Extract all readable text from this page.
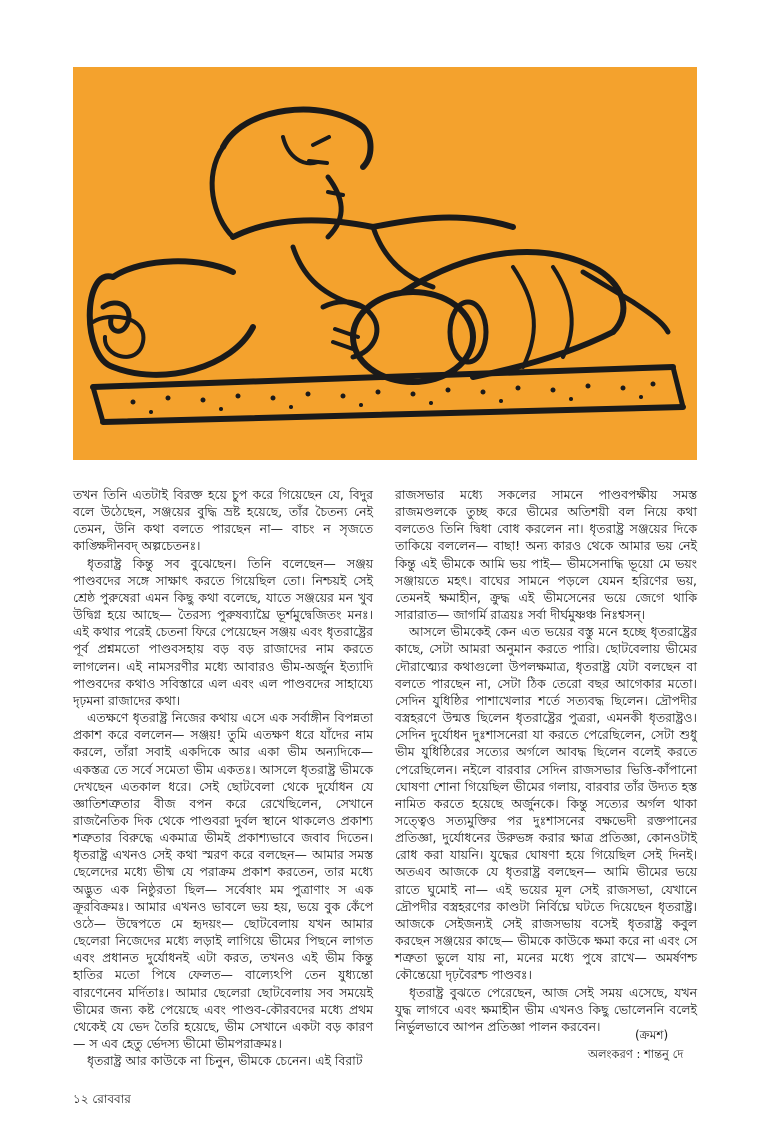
তখন তিনি এতটাই বিরক্ত হয়ে চুপ করে গিয়েছেন যে, বিদুর বলে উঠেছেন, সঞ্জয়ের বুদ্ধি ভ্রষ্ট হয়েছে, তাঁর চৈতন্য নেই তেমন, উনি কথা বলতে পারছেন না— বাচং ন সৃজতে কাঙ্ক্ষিদীনবদ্ অল্পচেতনঃ।

ধৃতরাষ্ট্র কিন্তু সব বুঝেছেন। তিনি বলেছেন— সঞ্জয় পাণ্ডবদের সঙ্গে সাক্ষাৎ করতে গিয়েছিল তো। নিশ্চয়ই সেই শ্রেষ্ঠ পুরুষেরা এমন কিছু কথা বলেছে, যাতে সঞ্জয়ের মন খুব উদ্বিগ্ন হয়ে আছে— তৈরস্য পুরুষব্যাঘ্রৈ ভূর্শমুদ্বেজিতং মনঃ। এই কথার পরেই চেতনা ফিরে পেয়েছেন সঞ্জয় এবং ধৃতরাষ্ট্রের পূর্ব প্রশ্নমতো পাণ্ডবসহায় বড় বড় রাজাদের নাম করতে লাগলেন। এই নামসরণীর মধ্যে আবারও ভীম-অর্জুন ইত্যাদি পাণ্ডবদের কথাও সবিস্তারে এল এবং এল পাণ্ডবদের সাহায্যে দৃঢ়মনা রাজাদের কথা।

এতক্ষণে ধৃতরাষ্ট্র নিজের কথায় এসে এক সর্বাঙ্গীন বিপন্নতা প্রকাশ করে বললেন— সঞ্জয়! তুমি এতক্ষণ ধরে যাঁদের নাম করলে, তাঁরা সবাই একদিকে আর একা ভীম অন্যদিকে— একস্তত্র তে সর্বে সমেতা ভীম একতঃ। আসলে ধৃতরাষ্ট্র ভীমকে দেখছেন এতকাল ধরে। সেই ছোটবেলা থেকে দুর্যোধন যে জ্ঞাতিশত্রুতার বীজ বপন করে রেখেছিলেন, সেখানে রাজনৈতিক দিক থেকে পাণ্ডবরা দুর্বল স্থানে থাকলেও প্রকাশ্য শত্রুতার বিরুদ্ধে একমাত্র ভীমই প্রকাশ্যভাবে জবাব দিতেন। ধৃতরাষ্ট্র এখনও সেই কথা স্মরণ করে বলছেন— আমার সমস্ত ছেলেদের মধ্যে ভীষ্ম যে পরাক্রম প্রকাশ করতেন, তার মধ্যে অদ্ভুত এক নিষ্ঠুরতা ছিল— সর্বেষাং মম পুত্রাণাং স এক ক্রূরবিক্রমঃ। আমার এখনও ভাবলে ভয় হয়, ভয়ে বুক কেঁপে ওঠে— উদ্বেপতে মে হৃদয়ং— ছোটবেলায় যখন আমার ছেলেরা নিজেদের মধ্যে লড়াই লাগিয়ে ভীমের পিছনে লাগত এবং প্রধানত দুর্যোধনই এটা করত, তখনও এই ভীম কিন্তু হাতির মতো পিষে ফেলত— বাল্যেঽপি তেন যুধ্যন্তো বারণেনেব মর্দিতাঃ। আমার ছেলেরা ছোটবেলায় সব সময়েই ভীমের জন্য কষ্ট পেয়েছে এবং পাণ্ডব-কৌরবদের মধ্যে প্রথম থেকেই যে ভেদ তৈরি হয়েছে, ভীম সেখানে একটা বড় কারণ— স এব হেতু র্ভেদস্য ভীমো ভীমপরাক্রমঃ।

ধৃতরাষ্ট্র আর কাউকে না চিনুন, ভীমকে চেনেন। এই বিরাট

রাজসভার মধ্যে সকলের সামনে পাণ্ডবপক্ষীয় সমস্ত রাজমণ্ডলকে তুচ্ছ করে ভীমের অতিশয়ী বল নিয়ে কথা বলতেও তিনি দ্বিধা বোধ করলেন না। ধৃতরাষ্ট্র সঞ্জয়ের দিকে তাকিয়ে বললেন— বাছা! অন্য কারও থেকে আমার ভয় নেই কিন্তু এই ভীমকে আমি ভয় পাই— ভীমসেনাদ্ধি ভূয়ো মে ভয়ং সঞ্জায়তে মহৎ। বাঘের সামনে পড়লে যেমন হরিণের ভয়, তেমনই ক্ষমাহীন, ক্রুদ্ধ এই ভীমসেনের ভয়ে জেগে থাকি সারারাত— জাগর্মি রাত্রয়ঃ সর্বা দীর্ঘমুষ্ণঞ্চ নিঃশ্বসন্।

আসলে ভীমকেই কেন এত ভয়ের বস্তু মনে হচ্ছে ধৃতরাষ্ট্রের কাছে, সেটা আমরা অনুমান করতে পারি। ছোটবেলায় ভীমের দৌরাত্ম্যের কথাগুলো উপলক্ষমাত্র, ধৃতরাষ্ট্র যেটা বলছেন বা বলতে পারছেন না, সেটা ঠিক তেরো বছর আগেকার মতো। সেদিন যুধিষ্ঠির পাশাখেলার শর্তে সত্যবদ্ধ ছিলেন। দ্রৌপদীর বস্ত্রহরণে উন্মত্ত ছিলেন ধৃতরাষ্ট্রের পুত্ররা, এমনকী ধৃতরাষ্ট্রও। সেদিন দুর্যোধন দুঃশাসনেরা যা করতে পেরেছিলেন, সেটা শুধু ভীম যুধিষ্ঠিরের সত্যের অর্গলে আবদ্ধ ছিলেন বলেই করতে পেরেছিলেন। নইলে বারবার সেদিন রাজসভার ভিত্তি-কাঁপানো ঘোষণা শোনা গিয়েছিল ভীমের গলায়, বারবার তাঁর উদ্যত হস্ত নামিত করতে হয়েছে অর্জুনকে। কিন্তু সত্যের অর্গল থাকা সত্ত্বেও সত্যমুক্তির পর দুঃশাসনের বক্ষভেদী রক্তপানের প্রতিজ্ঞা, দুর্যোধনের উরুভঙ্গ করার ক্ষাত্র প্রতিজ্ঞা, কোনওটাই রোধ করা যায়নি। যুদ্ধের ঘোষণা হয়ে গিয়েছিল সেই দিনই। অতএব আজকে যে ধৃতরাষ্ট্র বলছেন— আমি ভীমের ভয়ে রাতে ঘুমোই না— এই ভয়ের মূল সেই রাজসভা, যেখানে দ্রৌপদীর বস্ত্রহরণের কাণ্ডটা নির্বিঘ্নে ঘটতে দিয়েছেন ধৃতরাষ্ট্র। আজকে সেইজন্যই সেই রাজসভায় বসেই ধৃতরাষ্ট্র কবুল করছেন সঞ্জয়ের কাছে— ভীমকে কাউকে ক্ষমা করে না এবং সে শত্রুতা ভুলে যায় না, মনের মধ্যে পুষে রাখে— অমর্ষণশ্চ কৌন্তেয়ো দৃঢ়বৈরশ্চ পাণ্ডবঃ।

ধৃতরাষ্ট্র বুঝতে পেরেছেন, আজ সেই সময় এসেছে, যখন যুদ্ধ লাগবে এবং ক্ষমাহীন ভীম এখনও কিছু ভোলেননি বলেই নির্ভুলভাবে আপন প্রতিজ্ঞা পালন করবেন।

(ক্রমশ)
অলংকরণ : শান্তনু দে
১২ রোববার
